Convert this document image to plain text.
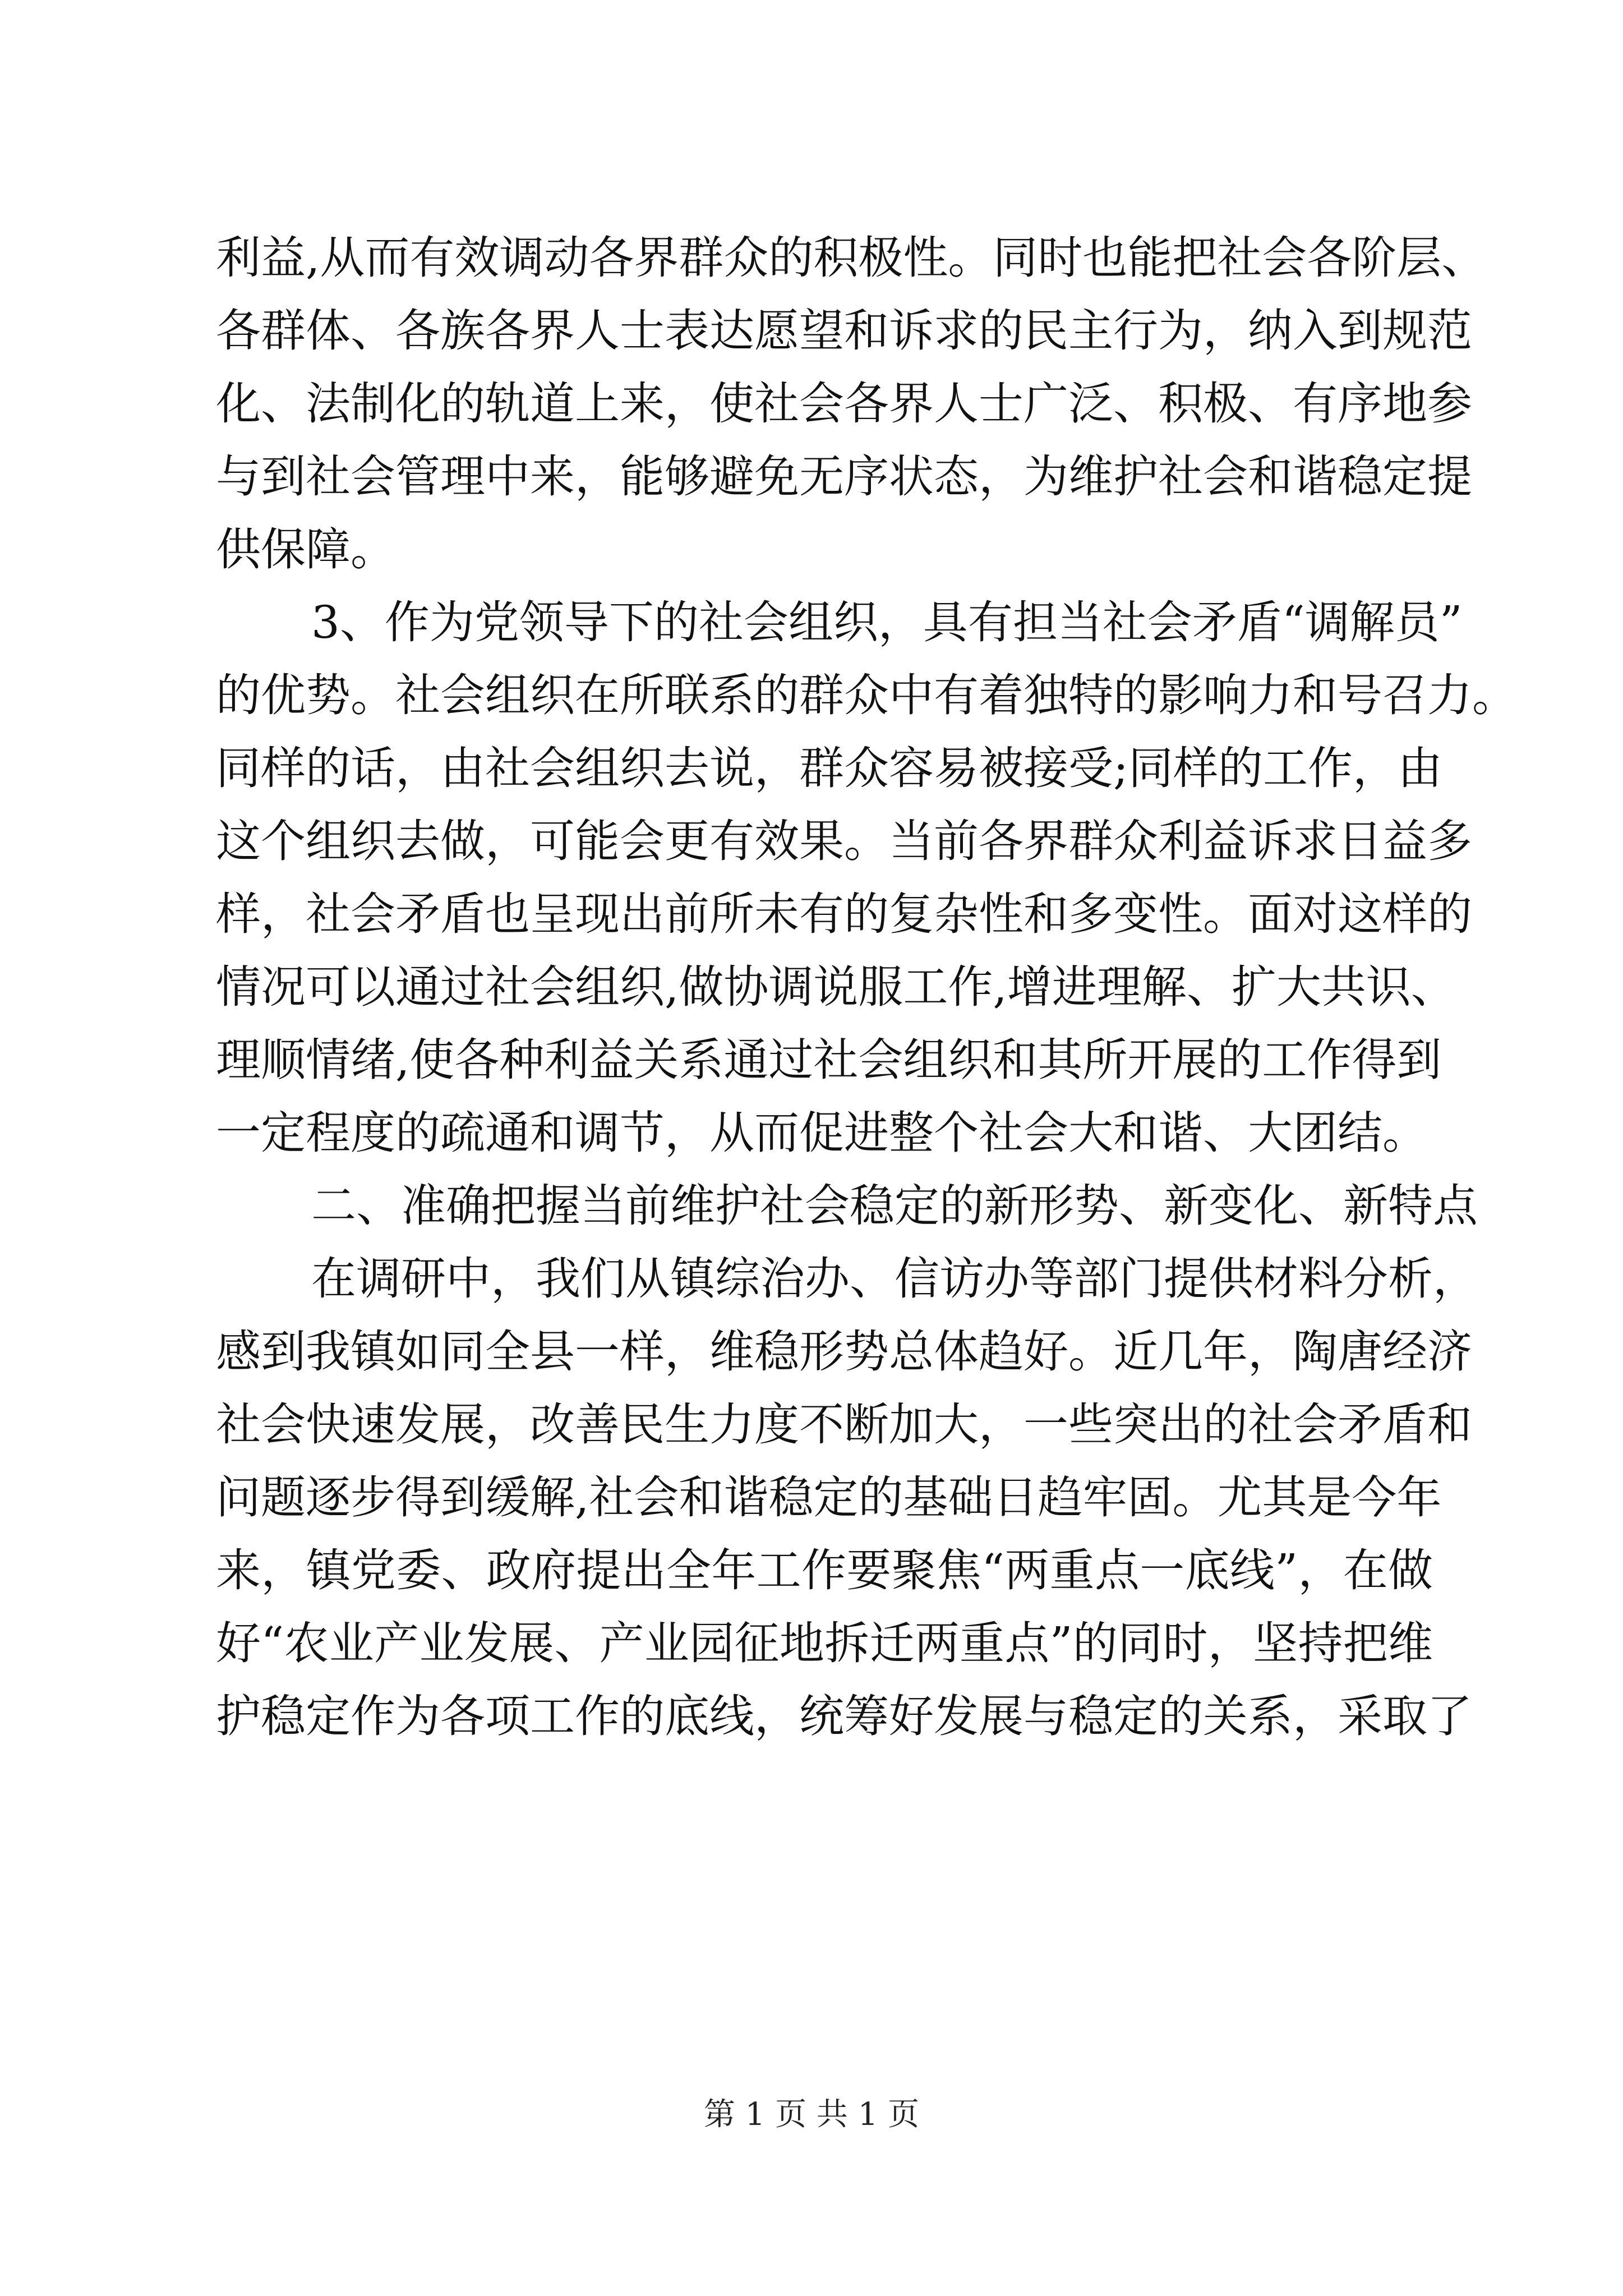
利益,从而有效调动各界群众的积极性。同时也能把社会各阶层、
各群体、各族各界人士表达愿望和诉求的民主行为，纳入到规范
化、法制化的轨道上来，使社会各界人士广泛、积极、有序地参
与到社会管理中来，能够避免无序状态，为维护社会和谐稳定提
供保障。
3、作为党领导下的社会组织，具有担当社会矛盾“调解员”
的优势。社会组织在所联系的群众中有着独特的影响力和号召力。
同样的话，由社会组织去说，群众容易被接受;同样的工作，由
这个组织去做，可能会更有效果。当前各界群众利益诉求日益多
样，社会矛盾也呈现出前所未有的复杂性和多变性。面对这样的
情况可以通过社会组织,做协调说服工作,增进理解、扩大共识、
理顺情绪,使各种利益关系通过社会组织和其所开展的工作得到
一定程度的疏通和调节，从而促进整个社会大和谐、大团结。
二、准确把握当前维护社会稳定的新形势、新变化、新特点
在调研中，我们从镇综治办、信访办等部门提供材料分析，
感到我镇如同全县一样，维稳形势总体趋好。近几年，陶唐经济
社会快速发展，改善民生力度不断加大，一些突出的社会矛盾和
问题逐步得到缓解,社会和谐稳定的基础日趋牢固。尤其是今年
来，镇党委、政府提出全年工作要聚焦“两重点一底线”，在做
好“农业产业发展、产业园征地拆迁两重点”的同时，坚持把维
护稳定作为各项工作的底线，统筹好发展与稳定的关系，采取了
第 1 页 共 1 页
